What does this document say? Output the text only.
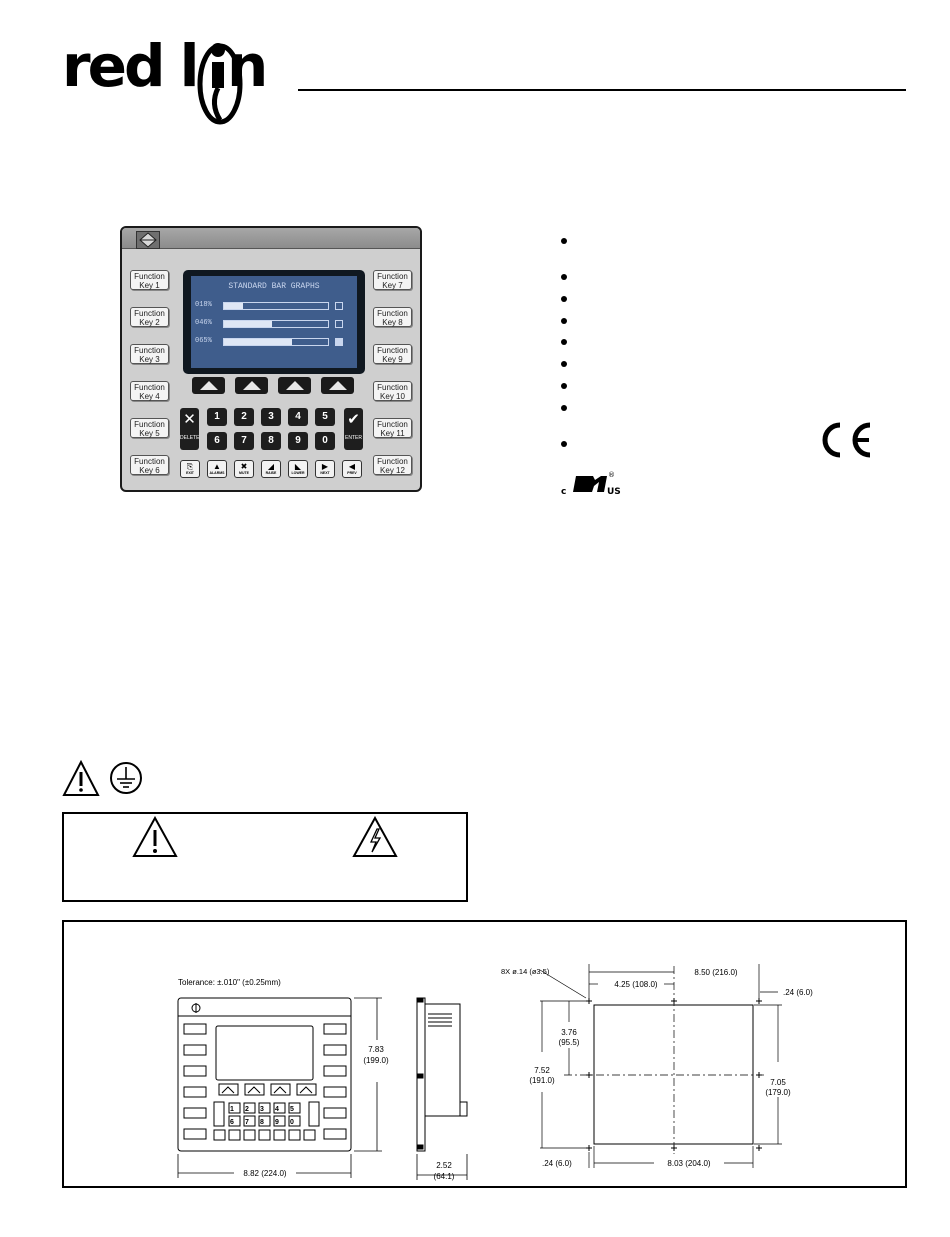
red l n
Function Key 1
Function Key 2
Function Key 3
Function Key 4
Function Key 5
Function Key 6
Function Key 7
Function Key 8
Function Key 9
Function Key 10
Function Key 11
Function Key 12
STANDARD BAR GRAPHS
018%
046%
065%
✕
DELETE
✔
ENTER
1	2	3	4	5
6	7	8	9	0
⎘
EXIT
▲
ALARMS
✖
MUTE
◢
RAISE
◣
LOWER
▶
NEXT
◀
PREV
c
®
US
Tolerance: ±.010" (±0.25mm)
1 2 3 4 5
6 7 8 9 0
8.82 (224.0)
7.83
(199.0)
2.52
(64.1)
8X ø.14 (ø3.5)
4.25 (108.0)
8.50 (216.0)
.24 (6.0)
3.76
(95.5)
7.52
(191.0)	7.05
(179.0)
.24 (6.0)	8.03 (204.0)
